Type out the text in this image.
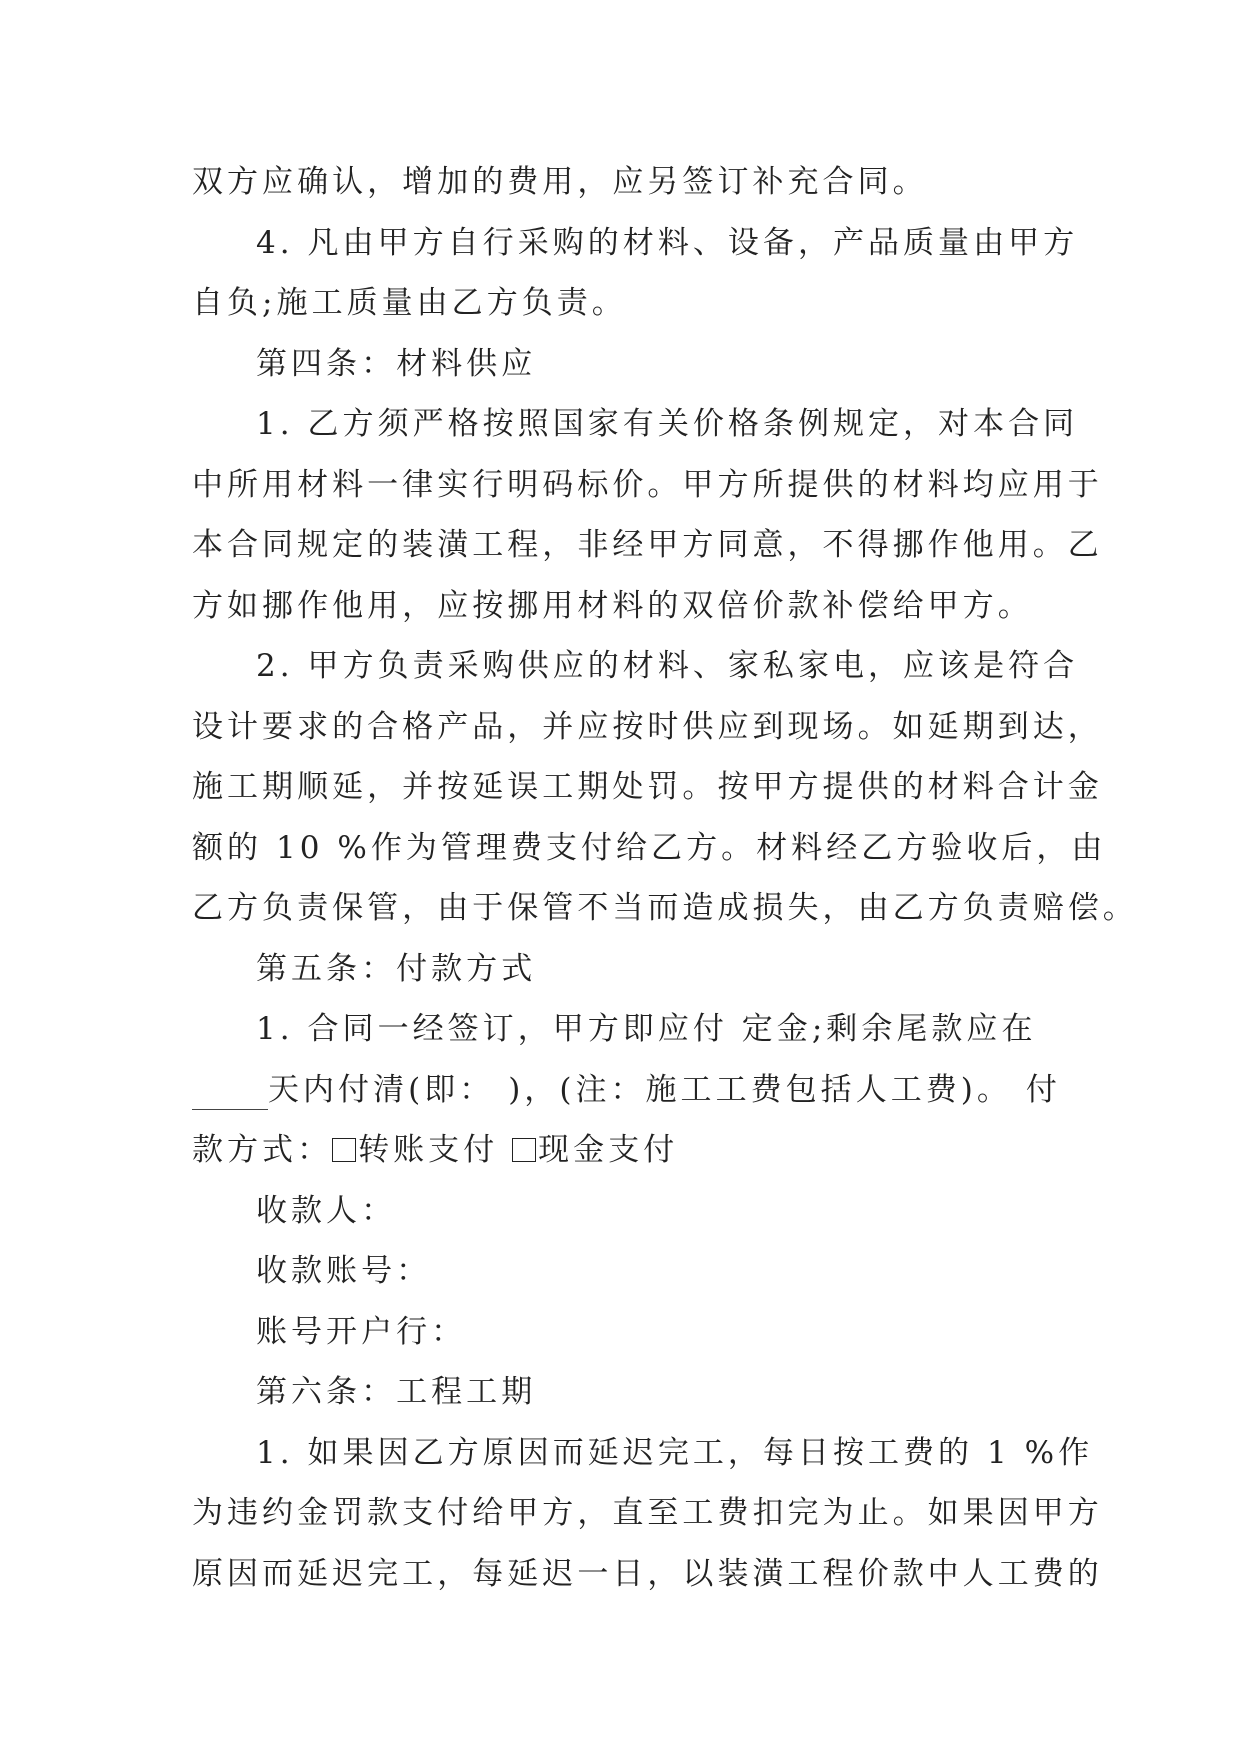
双方应确认，增加的费用，应另签订补充合同。
4. 凡由甲方自行采购的材料、设备，产品质量由甲方
自负;施工质量由乙方负责。
第四条：材料供应
1. 乙方须严格按照国家有关价格条例规定，对本合同
中所用材料一律实行明码标价。甲方所提供的材料均应用于
本合同规定的装潢工程，非经甲方同意，不得挪作他用。乙
方如挪作他用，应按挪用材料的双倍价款补偿给甲方。
2. 甲方负责采购供应的材料、家私家电，应该是符合
设计要求的合格产品，并应按时供应到现场。如延期到达，
施工期顺延，并按延误工期处罚。按甲方提供的材料合计金
额的 10 %作为管理费支付给乙方。材料经乙方验收后，由
乙方负责保管，由于保管不当而造成损失，由乙方负责赔偿。
第五条：付款方式
1. 合同一经签订，甲方即应付 定金;剩余尾款应在
天内付清(即： )，(注：施工工费包括人工费)。 付
款方式： 转账支付 现金支付
收款人：
收款账号：
账号开户行：
第六条：工程工期
1. 如果因乙方原因而延迟完工，每日按工费的 1 %作
为违约金罚款支付给甲方，直至工费扣完为止。如果因甲方
原因而延迟完工，每延迟一日，以装潢工程价款中人工费的
